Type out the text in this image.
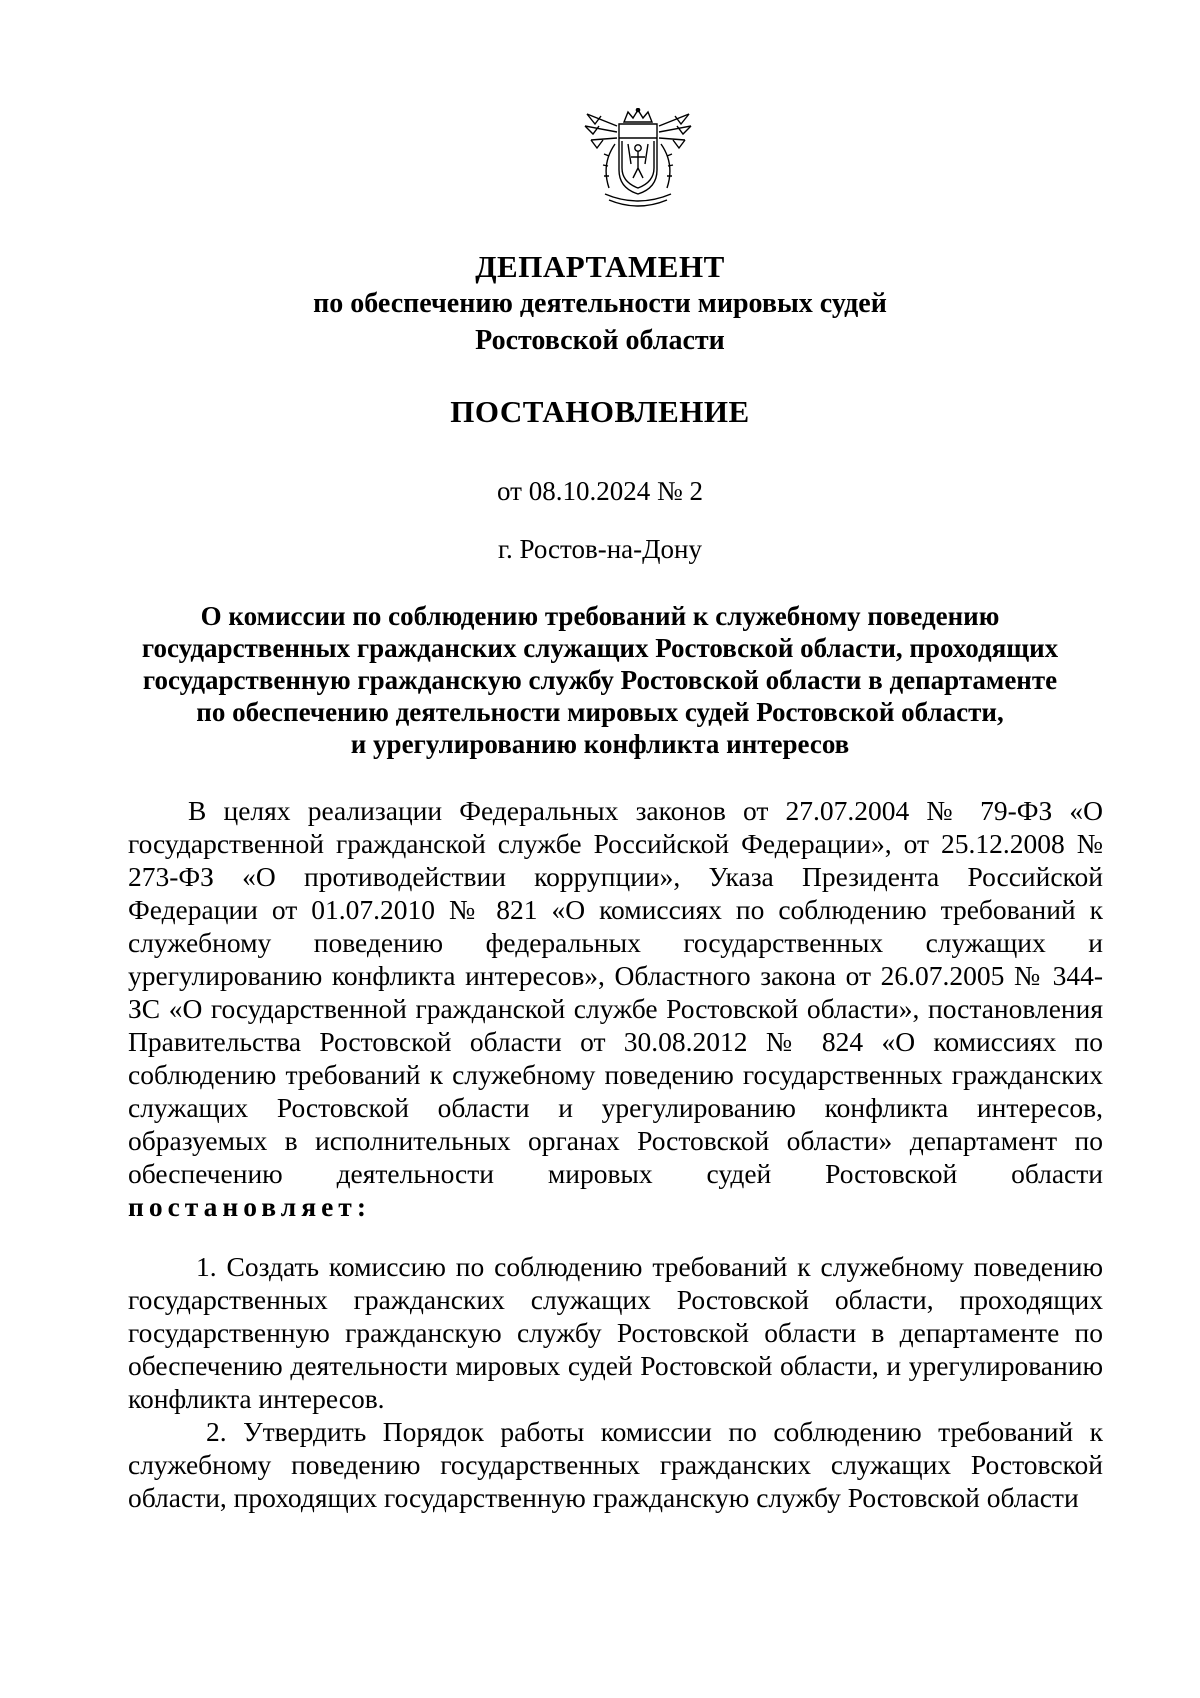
ДЕПАРТАМЕНТ
по обеспечению деятельности мировых судей
Ростовской области
ПОСТАНОВЛЕНИЕ
от 08.10.2024 № 2
г. Ростов-на-Дону
О комиссии по соблюдению требований к служебному поведению
государственных гражданских служащих Ростовской области, проходящих
государственную гражданскую службу Ростовской области в департаменте
по обеспечению деятельности мировых судей Ростовской области,
и урегулированию конфликта интересов

В целях реализации Федеральных законов от 27.07.2004 № 79-ФЗ «О государственной гражданской службе Российской Федерации», от 25.12.2008 № 273-ФЗ «О противодействии коррупции», Указа Президента Российской Федерации от 01.07.2010 № 821 «О комиссиях по соблюдению требований к служебному поведению федеральных государственных служащих и урегулированию конфликта интересов», Областного закона от 26.07.2005 № 344-ЗС «О государственной гражданской службе Ростовской области», постановления Правительства Ростовской области от 30.08.2012 № 824 «О комиссиях по соблюдению требований к служебному поведению государственных гражданских служащих Ростовской области и урегулированию конфликта интересов, образуемых в исполнительных органах Ростовской области» департамент по обеспечению деятельности мировых судей Ростовской области постановляет:

1. Создать комиссию по соблюдению требований к служебному поведению государственных гражданских служащих Ростовской области, проходящих государственную гражданскую службу Ростовской области в департаменте по обеспечению деятельности мировых судей Ростовской области, и урегулированию конфликта интересов.

2. Утвердить Порядок работы комиссии по соблюдению требований к служебному поведению государственных гражданских служащих Ростовской области, проходящих государственную гражданскую службу Ростовской области
